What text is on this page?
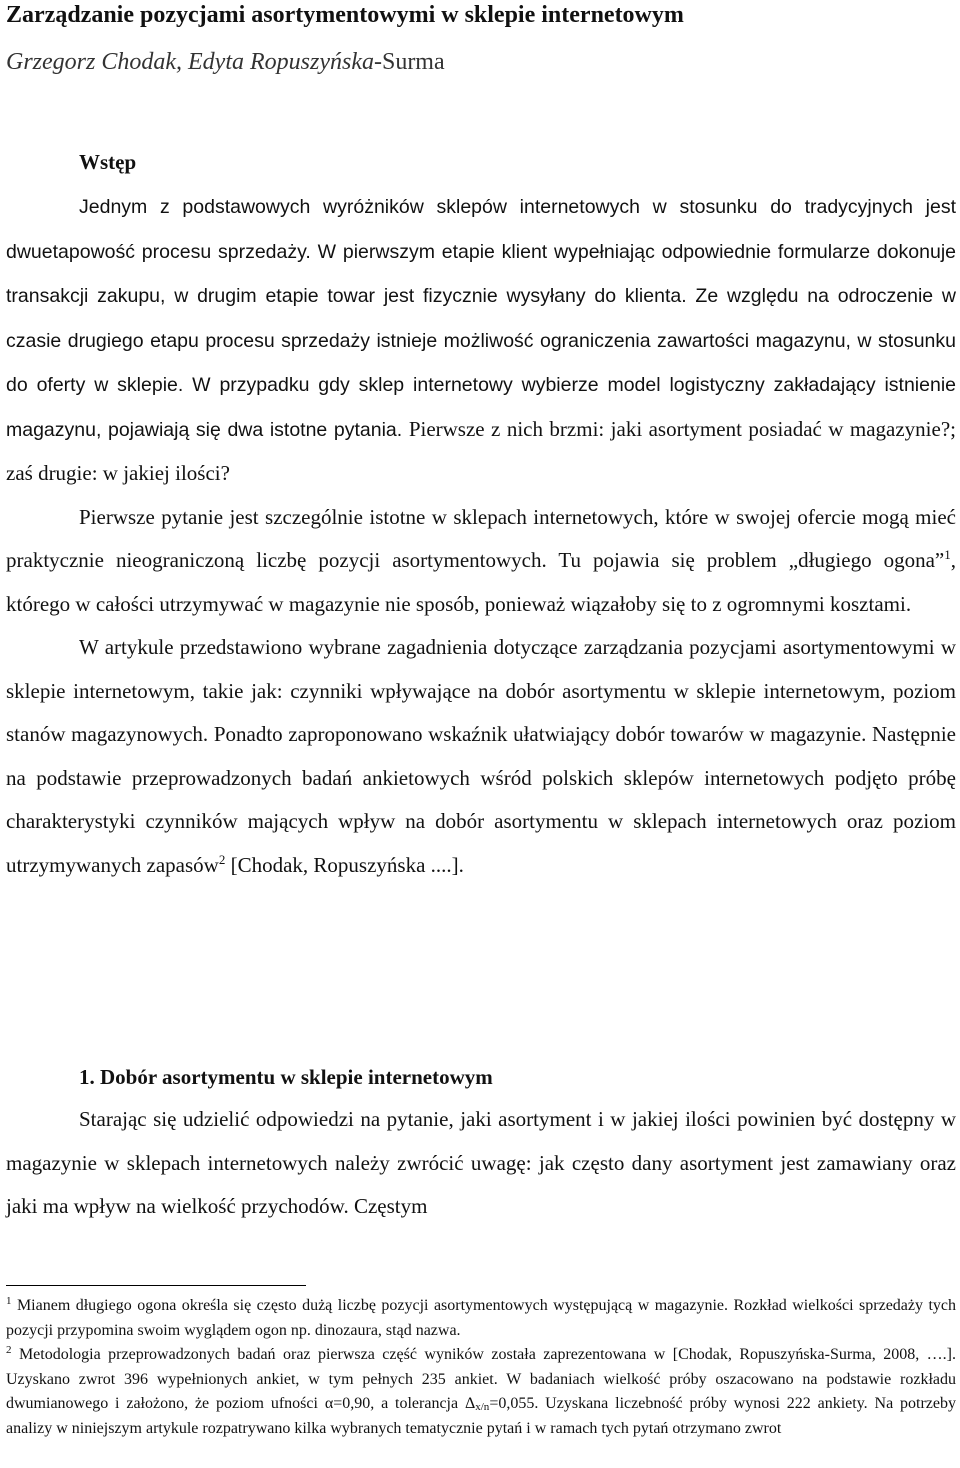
Zarządzanie pozycjami asortymentowymi w sklepie internetowym
Grzegorz Chodak, Edyta Ropuszyńska-Surma
Wstęp

Jednym z podstawowych wyróżników sklepów internetowych w stosunku do tradycyjnych jest dwuetapowość procesu sprzedaży. W pierwszym etapie klient wypełniając odpowiednie formularze dokonuje transakcji zakupu, w drugim etapie towar jest fizycznie wysyłany do klienta. Ze względu na odroczenie w czasie drugiego etapu procesu sprzedaży istnieje możliwość ograniczenia zawartości magazynu, w stosunku do oferty w sklepie. W przypadku gdy sklep internetowy wybierze model logistyczny zakładający istnienie magazynu, pojawiają się dwa istotne pytania. Pierwsze z nich brzmi: jaki asortyment posiadać w magazynie?; zaś drugie: w jakiej ilości?

Pierwsze pytanie jest szczególnie istotne w sklepach internetowych, które w swojej ofercie mogą mieć praktycznie nieograniczoną liczbę pozycji asortymentowych. Tu pojawia się problem „długiego ogona”$^1$, którego w całości utrzymywać w magazynie nie sposób, ponieważ wiązałoby się to z ogromnymi kosztami.

W artykule przedstawiono wybrane zagadnienia dotyczące zarządzania pozycjami asortymentowymi w sklepie internetowym, takie jak: czynniki wpływające na dobór asortymentu w sklepie internetowym, poziom stanów magazynowych. Ponadto zaproponowano wskaźnik ułatwiający dobór towarów w magazynie. Następnie na podstawie przeprowadzonych badań ankietowych wśród polskich sklepów internetowych podjęto próbę charakterystyki czynników mających wpływ na dobór asortymentu w sklepach internetowych oraz poziom utrzymywanych zapasów$^2$ [Chodak, Ropuszyńska ....].

1. Dobór asortymentu w sklepie internetowym

Starając się udzielić odpowiedzi na pytanie, jaki asortyment i w jakiej ilości powinien być dostępny w magazynie w sklepach internetowych należy zwrócić uwagę: jak często dany asortyment jest zamawiany oraz jaki ma wpływ na wielkość przychodów. Częstym

$^1$ Mianem długiego ogona określa się często dużą liczbę pozycji asortymentowych występującą w magazynie. Rozkład wielkości sprzedaży tych pozycji przypomina swoim wyglądem ogon np. dinozaura, stąd nazwa.

$^2$ Metodologia przeprowadzonych badań oraz pierwsza część wyników została zaprezentowana w [Chodak, Ropuszyńska-Surma, 2008, ….]. Uzyskano zwrot 396 wypełnionych ankiet, w tym pełnych 235 ankiet. W badaniach wielkość próby oszacowano na podstawie rozkładu dwumianowego i założono, że poziom ufności α=0,90, a tolerancja $\Delta_{x/n}=0,055$. Uzyskana liczebność próby wynosi 222 ankiety. Na potrzeby analizy w niniejszym artykule rozpatrywano kilka wybranych tematycznie pytań i w ramach tych pytań otrzymano zwrot
